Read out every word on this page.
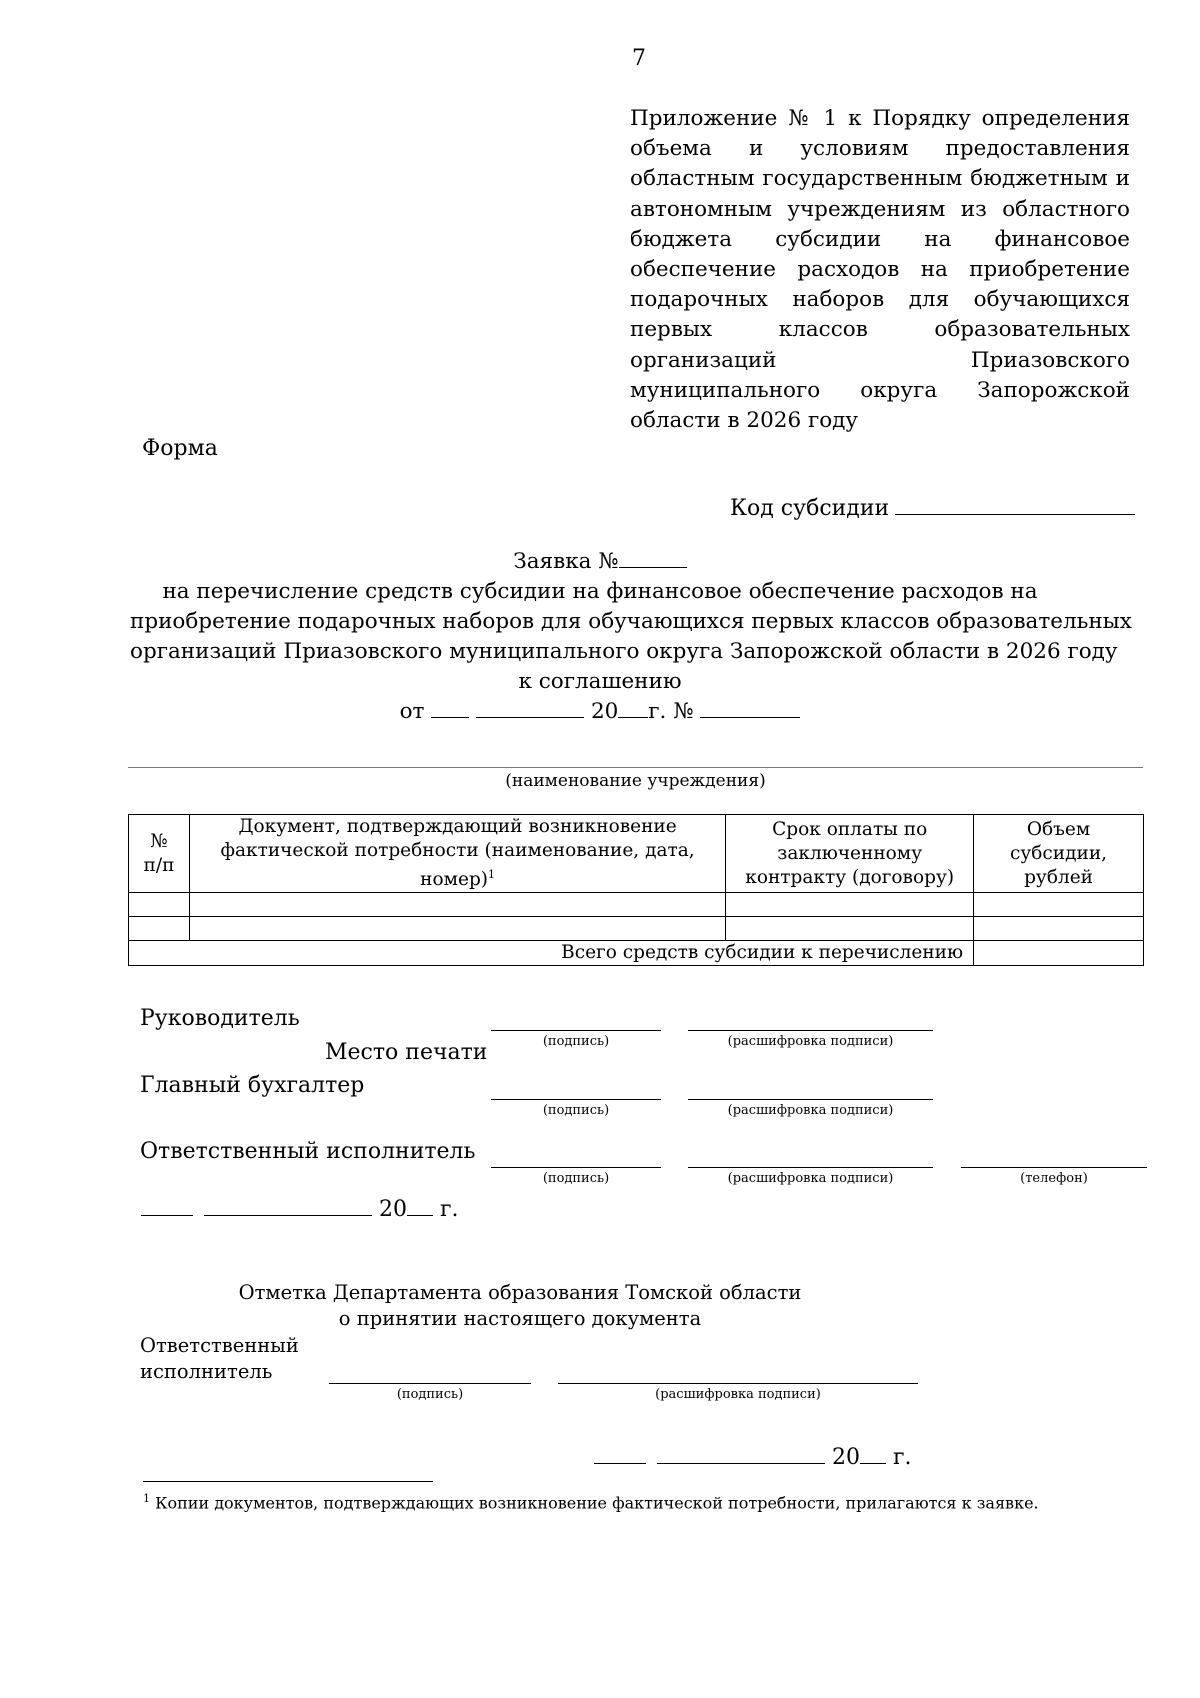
7
Приложение № 1 к Порядку определения объема и условиям предоставления областным государственным бюджетным и автономным учреждениям из областного бюджета субсидии на финансовое обеспечение расходов на приобретение подарочных наборов для обучающихся первых классов образовательных организаций Приазовского муниципального округа Запорожской области в 2026 году
Форма
Код субсидии
Заявка №
на перечисление средств субсидии на финансовое обеспечение расходов на
приобретение подарочных наборов для обучающихся первых классов образовательных
организаций Приазовского муниципального округа Запорожской области в 2026 году
к соглашению
от	20 г. №
(наименование учреждения)
№
п/п	Документ, подтверждающий возникновение фактической потребности (наименование, дата, номер)$^1$	Срок оплаты по заключенному контракту (договору)	Объем субсидии, рублей

Всего средств субсидии к перечислению			
Руководитель
Место печати	(подпись)	(расшифровка подписи)
Главный бухгалтер
(подпись)	(расшифровка подписи)
Ответственный исполнитель
(подпись)	(расшифровка подписи)	(телефон)
20 г.
Отметка Департамента образования Томской области
о принятии настоящего документа
Ответственный
исполнитель
(подпись)	(расшифровка подписи)
20 г.
$^1$ Копии документов, подтверждающих возникновение фактической потребности, прилагаются к заявке.
